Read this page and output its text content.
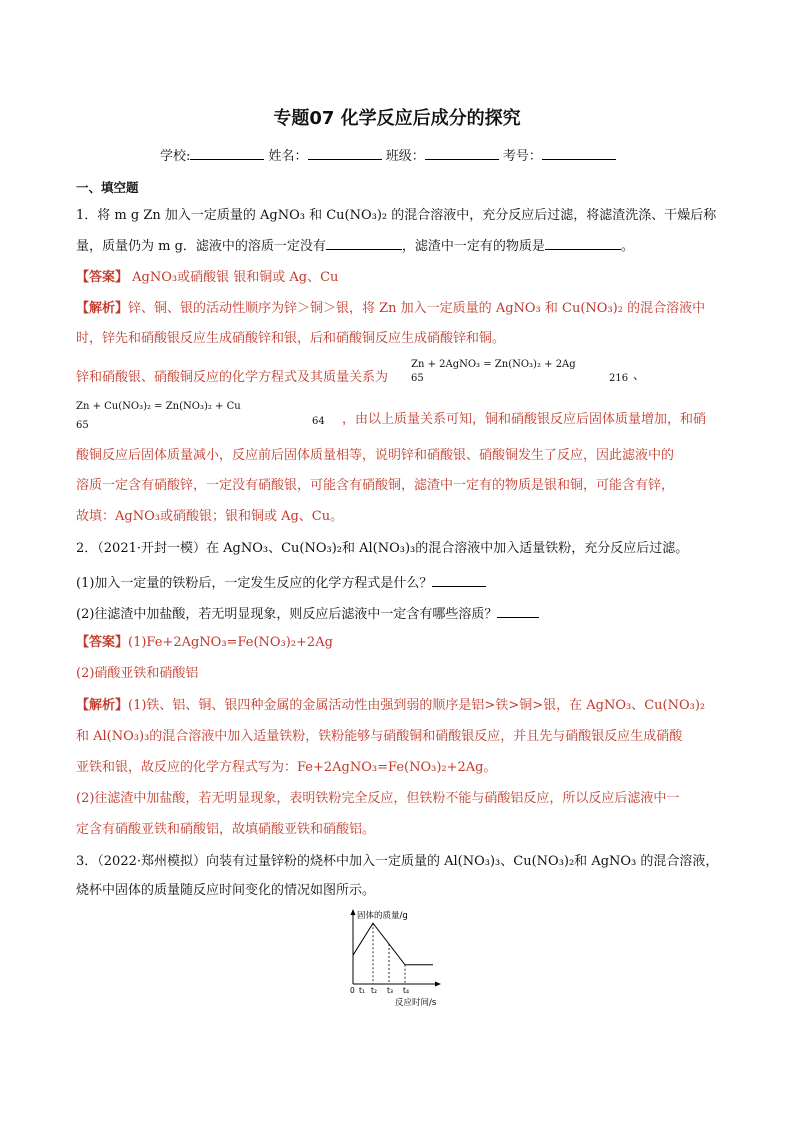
专题07 化学反应后成分的探究
学校:	姓名：	班级：	考号：
一、填空题
1．将 m g Zn 加入一定质量的 AgNO₃ 和 Cu(NO₃)₂ 的混合溶液中，充分反应后过滤，将滤渣洗涤、干燥后称
量，质量仍为 m g．滤液中的溶质一定没有	，滤渣中一定有的物质是	。
【答案】 AgNO₃或硝酸银 银和铜或 Ag、Cu
【解析】锌、铜、银的活动性顺序为锌＞铜＞银，将 Zn 加入一定质量的 AgNO₃ 和 Cu(NO₃)₂ 的混合溶液中
时，锌先和硝酸银反应生成硝酸锌和银，后和硝酸铜反应生成硝酸锌和铜。
锌和硝酸银、硝酸铜反应的化学方程式及其质量关系为
Zn + 2AgNO₃ = Zn(NO₃)₂ + 2Ag
65	216 、
Zn + Cu(NO₃)₂ = Zn(NO₃)₂ + Cu
65	64 ，由以上质量关系可知，铜和硝酸银反应后固体质量增加，和硝
酸铜反应后固体质量减小，反应前后固体质量相等，说明锌和硝酸银、硝酸铜发生了反应，因此滤液中的
溶质一定含有硝酸锌，一定没有硝酸银，可能含有硝酸铜，滤渣中一定有的物质是银和铜，可能含有锌，
故填：AgNO₃或硝酸银；银和铜或 Ag、Cu。
2．（2021·开封一模）在 AgNO₃、Cu(NO₃)₂和 Al(NO₃)₃的混合溶液中加入适量铁粉，充分反应后过滤。
(1)加入一定量的铁粉后，一定发生反应的化学方程式是什么？
(2)往滤渣中加盐酸，若无明显现象，则反应后滤液中一定含有哪些溶质？
【答案】(1)Fe+2AgNO₃=Fe(NO₃)₂+2Ag
(2)硝酸亚铁和硝酸铝
【解析】(1)铁、铝、铜、银四种金属的金属活动性由强到弱的顺序是铝>铁>铜>银，在 AgNO₃、Cu(NO₃)₂
和 Al(NO₃)₃的混合溶液中加入适量铁粉，铁粉能够与硝酸铜和硝酸银反应，并且先与硝酸银反应生成硝酸
亚铁和银，故反应的化学方程式写为：Fe+2AgNO₃=Fe(NO₃)₂+2Ag。
(2)往滤渣中加盐酸，若无明显现象，表明铁粉完全反应，但铁粉不能与硝酸铝反应，所以反应后滤液中一
定含有硝酸亚铁和硝酸铝，故填硝酸亚铁和硝酸铝。
3．（2022·郑州模拟）向装有过量锌粉的烧杯中加入一定质量的 Al(NO₃)₃、Cu(NO₃)₂和 AgNO₃ 的混合溶液，
烧杯中固体的质量随反应时间变化的情况如图所示。
固体的质量/g
反应时间/s
0 t₁ t₂ t₃ t₄
